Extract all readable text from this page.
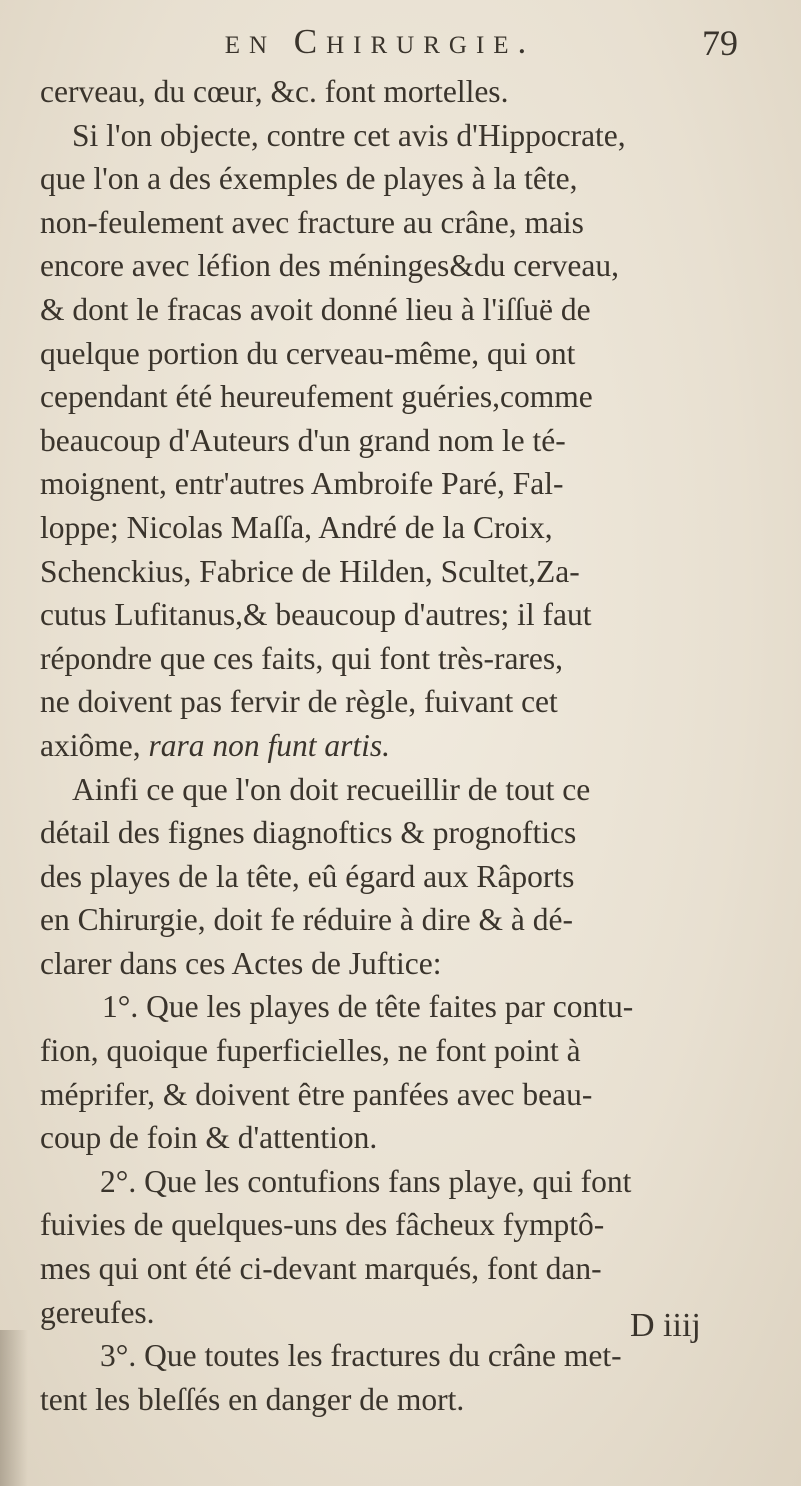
en Chirurgie.	79
cerveau, du cœur, &c. font mortelles.
Si l'on objecte, contre cet avis d'Hippocrate,
que l'on a des éxemples de playes à la tête,
non-feulement avec fracture au crâne, mais
encore avec léfion des méninges&du cerveau,
& dont le fracas avoit donné lieu à l'iſſuë de
quelque portion du cerveau-même, qui ont
cependant été heureufement guéries,comme
beaucoup d'Auteurs d'un grand nom le té-
moignent, entr'autres Ambroife Paré, Fal-
loppe; Nicolas Maſſa, André de la Croix,
Schenckius, Fabrice de Hilden, Scultet,Za-
cutus Lufitanus,& beaucoup d'autres; il faut
répondre que ces faits, qui font très-rares,
ne doivent pas fervir de règle, fuivant cet
axiôme, rara non funt artis.
Ainfi ce que l'on doit recueillir de tout ce
détail des fignes diagnoftics & prognoftics
des playes de la tête, eû égard aux Râports
en Chirurgie, doit fe réduire à dire & à dé-
clarer dans ces Actes de Juftice:
1°. Que les playes de tête faites par contu-
fion, quoique fuperficielles, ne font point à
méprifer, & doivent être panfées avec beau-
coup de foin & d'attention.
2°. Que les contufions fans playe, qui font
fuivies de quelques-uns des fâcheux fymptô-
mes qui ont été ci-devant marqués, font dan-
gereufes.
3°. Que toutes les fractures du crâne met-
tent les bleſſés en danger de mort.
D iiij
